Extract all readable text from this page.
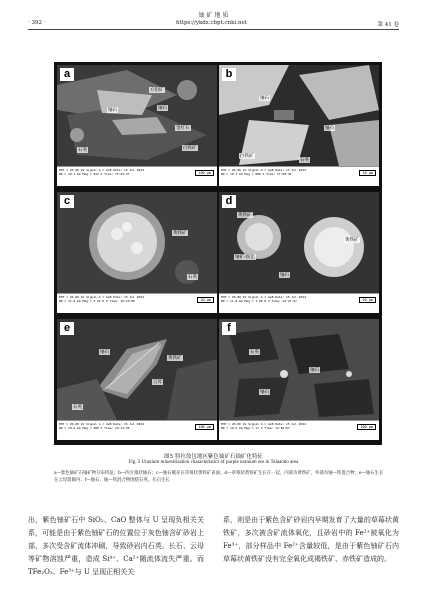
铀 矿 地 质
· 392 ·	https://ykdz.cbpt.cnki.net	第 41 卷
a
铀石
方铅矿
铀石
金红石
石英	白铁矿
EHT = 20.00 kV Signal A = AsB Date: 15 Jul 2024
WD = 10.1 mm Mag = 522 X Time: 15:22:27	100 μm
b
铀石
铀石
白铁矿
石英
EHT = 20.00 kV Signal A = AsB Date: 15 Jul 2024
WD = 10.1 mm Mag = 880 X Time: 17:00:49	10 μm
c
黄铁矿
石英
EHT = 20.00 kV Signal A = AsB Date: 15 Jul 2024
WD = 11.8 mm Mag = 2.22 K X Time: 16:10:09	20 μm
d
黄铁矿
铀矿-铁铝
黄铁矿
铀石
EHT = 20.00 kV Signal A = AsB Date: 15 Jul 2024
WD = 11.8 mm Mag = 1.96 K X Time: 14:27:57	20 μm
e
铀石
黄铁矿
石英
云母
EHT = 20.00 kV Signal A = AsB Date: 15 Jul 2024
WD = 10.6 mm Mag = 488 X Time: 14:11:38	100 μm
f
石英
铀石
铀石
EHT = 20.00 kV Signal A = AsB Date: 15 Jul 2024
WD = 10.6 mm Mag = 17 X Time: 11:48:07	100 μm
图5 特拉敖包地区紫色铀矿石铀矿化特征
Fig. 5 Uranium mineralization characteristics of purple uranium ore in Telaaobo area
a—紫色铀矿石铀矿物分布特征；b—四方锥状铀石；c—铀石赋存在草莓状黄铁矿表面；d—草莓状黄铁矿生长在一起，内部为黄铁矿，外部为铀—铁混合物；e—铀石生长在云母裂隙内；f—铀石、铀—铁混合物围绕石英、长石生长
出，紫色铀矿石中 SiO₂、CaO 整体与 U 呈现负相关关系，可能是由于紫色铀矿石的位置位于灰色铀含矿砂岩上部，多次受含矿流体冲刷，导致砂岩内石英、长石、云母等矿物溶蚀严重，造成 Si⁴⁺、Ca²⁺随流体流失严重。而 TFe₂O₃、Fe³⁺与 U 呈现正相关关
系，则是由于紫色含矿砂岩内早期发育了大量的草莓状黄铁矿，多次被含矿流体氧化，且砂岩中的 Fe²⁺被氧化为 Fe³⁺，部分样品中 Fe²⁺含量较低，是由于紫色铀矿石内草莓状黄铁矿没有完全氧化成褐铁矿、赤铁矿造成的。
